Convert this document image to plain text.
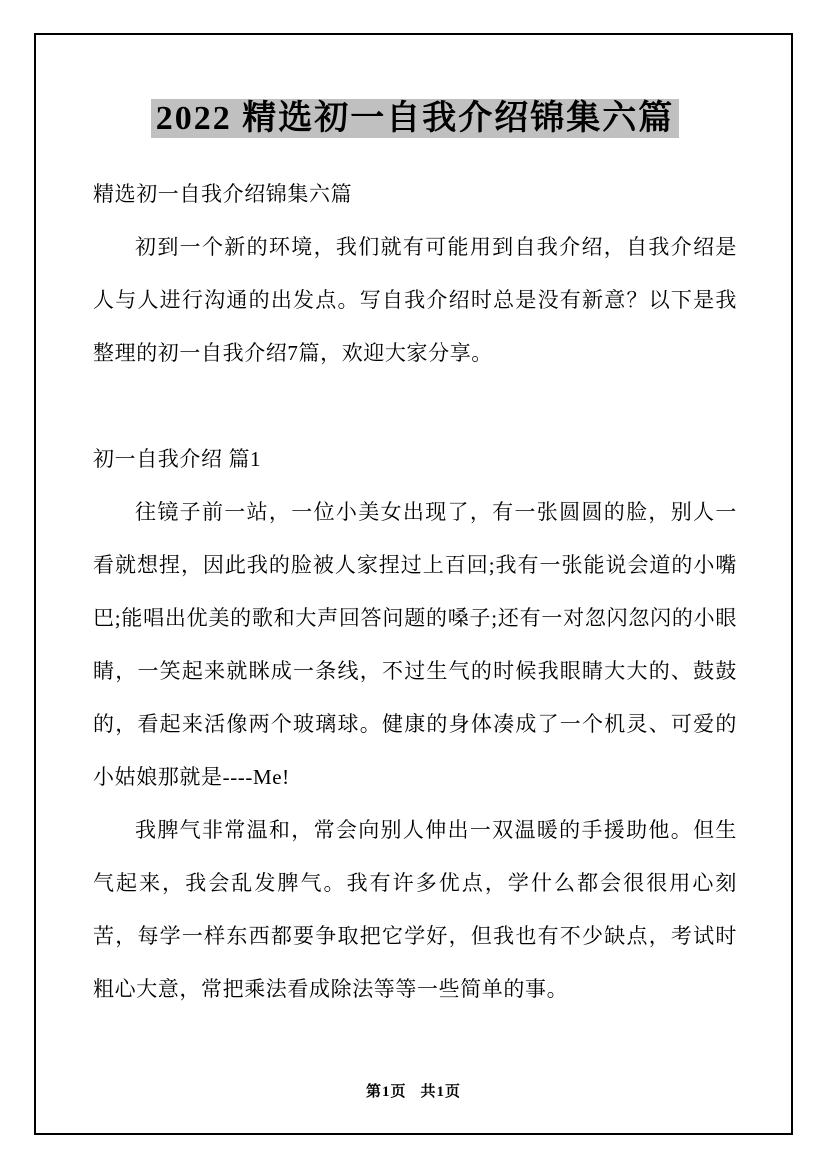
2022 精选初一自我介绍锦集六篇
精选初一自我介绍锦集六篇

初到一个新的环境，我们就有可能用到自我介绍，自我介绍是人与人进行沟通的出发点。写自我介绍时总是没有新意？以下是我整理的初一自我介绍7篇，欢迎大家分享。

初一自我介绍 篇1

往镜子前一站，一位小美女出现了，有一张圆圆的脸，别人一看就想捏，因此我的脸被人家捏过上百回;我有一张能说会道的小嘴巴;能唱出优美的歌和大声回答问题的嗓子;还有一对忽闪忽闪的小眼睛，一笑起来就眯成一条线，不过生气的时候我眼睛大大的、鼓鼓的，看起来活像两个玻璃球。健康的身体凑成了一个机灵、可爱的小姑娘那就是----Me!

我脾气非常温和，常会向别人伸出一双温暖的手援助他。但生气起来，我会乱发脾气。我有许多优点，学什么都会很很用心刻苦，每学一样东西都要争取把它学好，但我也有不少缺点，考试时粗心大意，常把乘法看成除法等等一些简单的事。

第1页 共1页
